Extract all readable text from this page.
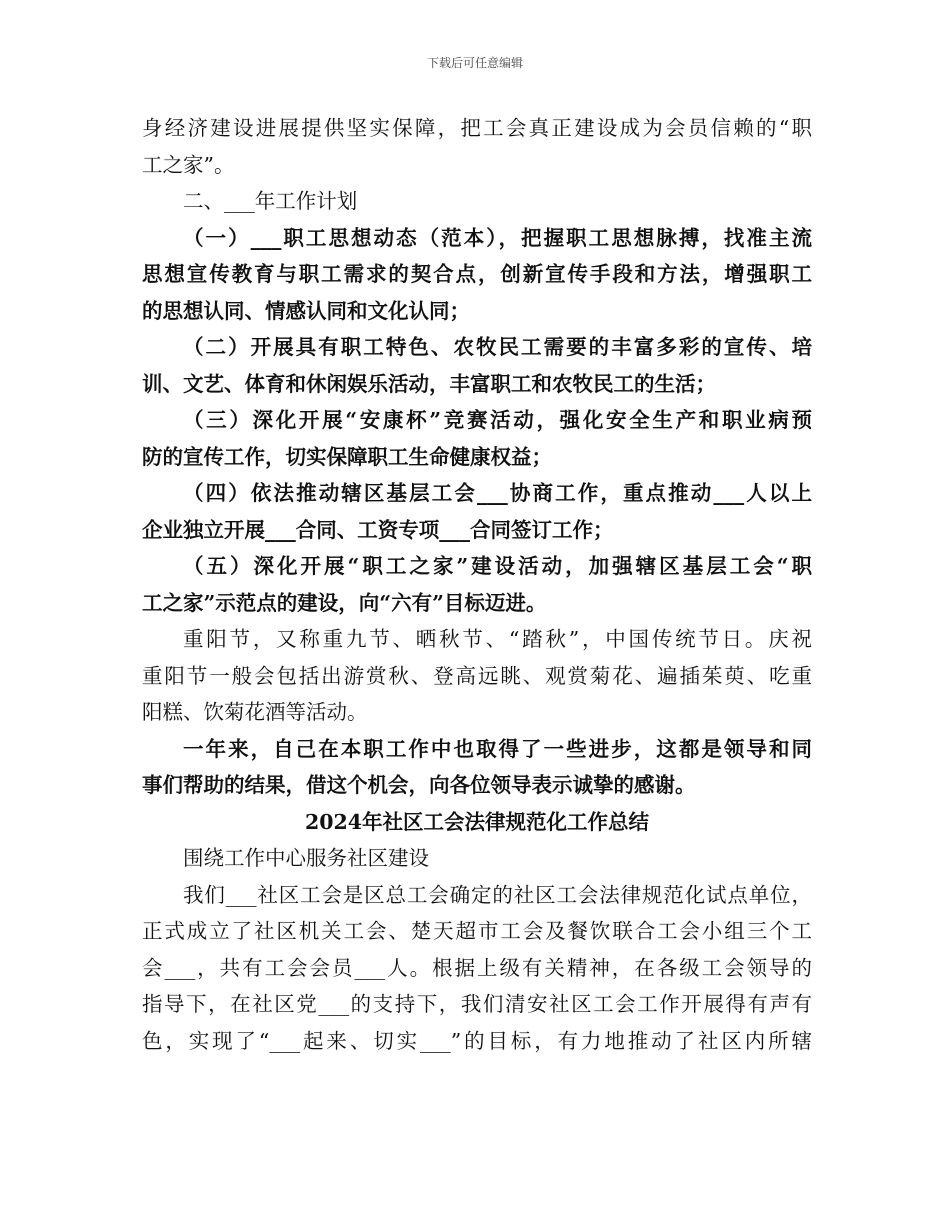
下载后可任意编辑
身经济建设进展提供坚实保障，把工会真正建设成为会员信赖的“职
工之家”。
二、___年工作计划
（一）___职工思想动态（范本），把握职工思想脉搏，找准主流
思想宣传教育与职工需求的契合点，创新宣传手段和方法，增强职工
的思想认同、情感认同和文化认同；
（二）开展具有职工特色、农牧民工需要的丰富多彩的宣传、培
训、文艺、体育和休闲娱乐活动，丰富职工和农牧民工的生活；
（三）深化开展“安康杯”竞赛活动，强化安全生产和职业病预
防的宣传工作，切实保障职工生命健康权益；
（四）依法推动辖区基层工会___协商工作，重点推动___人以上
企业独立开展___合同、工资专项___合同签订工作；
（五）深化开展“职工之家”建设活动，加强辖区基层工会“职
工之家”示范点的建设，向“六有”目标迈进。
重阳节，又称重九节、晒秋节、“踏秋”，中国传统节日。庆祝
重阳节一般会包括出游赏秋、登高远眺、观赏菊花、遍插茱萸、吃重
阳糕、饮菊花酒等活动。
一年来，自己在本职工作中也取得了一些进步，这都是领导和同
事们帮助的结果，借这个机会，向各位领导表示诚挚的感谢。
2024年社区工会法律规范化工作总结
围绕工作中心服务社区建设
我们___社区工会是区总工会确定的社区工会法律规范化试点单位，
正式成立了社区机关工会、楚天超市工会及餐饮联合工会小组三个工
会___，共有工会会员___人。根据上级有关精神，在各级工会领导的
指导下，在社区党___的支持下，我们清安社区工会工作开展得有声有
色，实现了“___起来、切实___”的目标，有力地推动了社区内所辖
